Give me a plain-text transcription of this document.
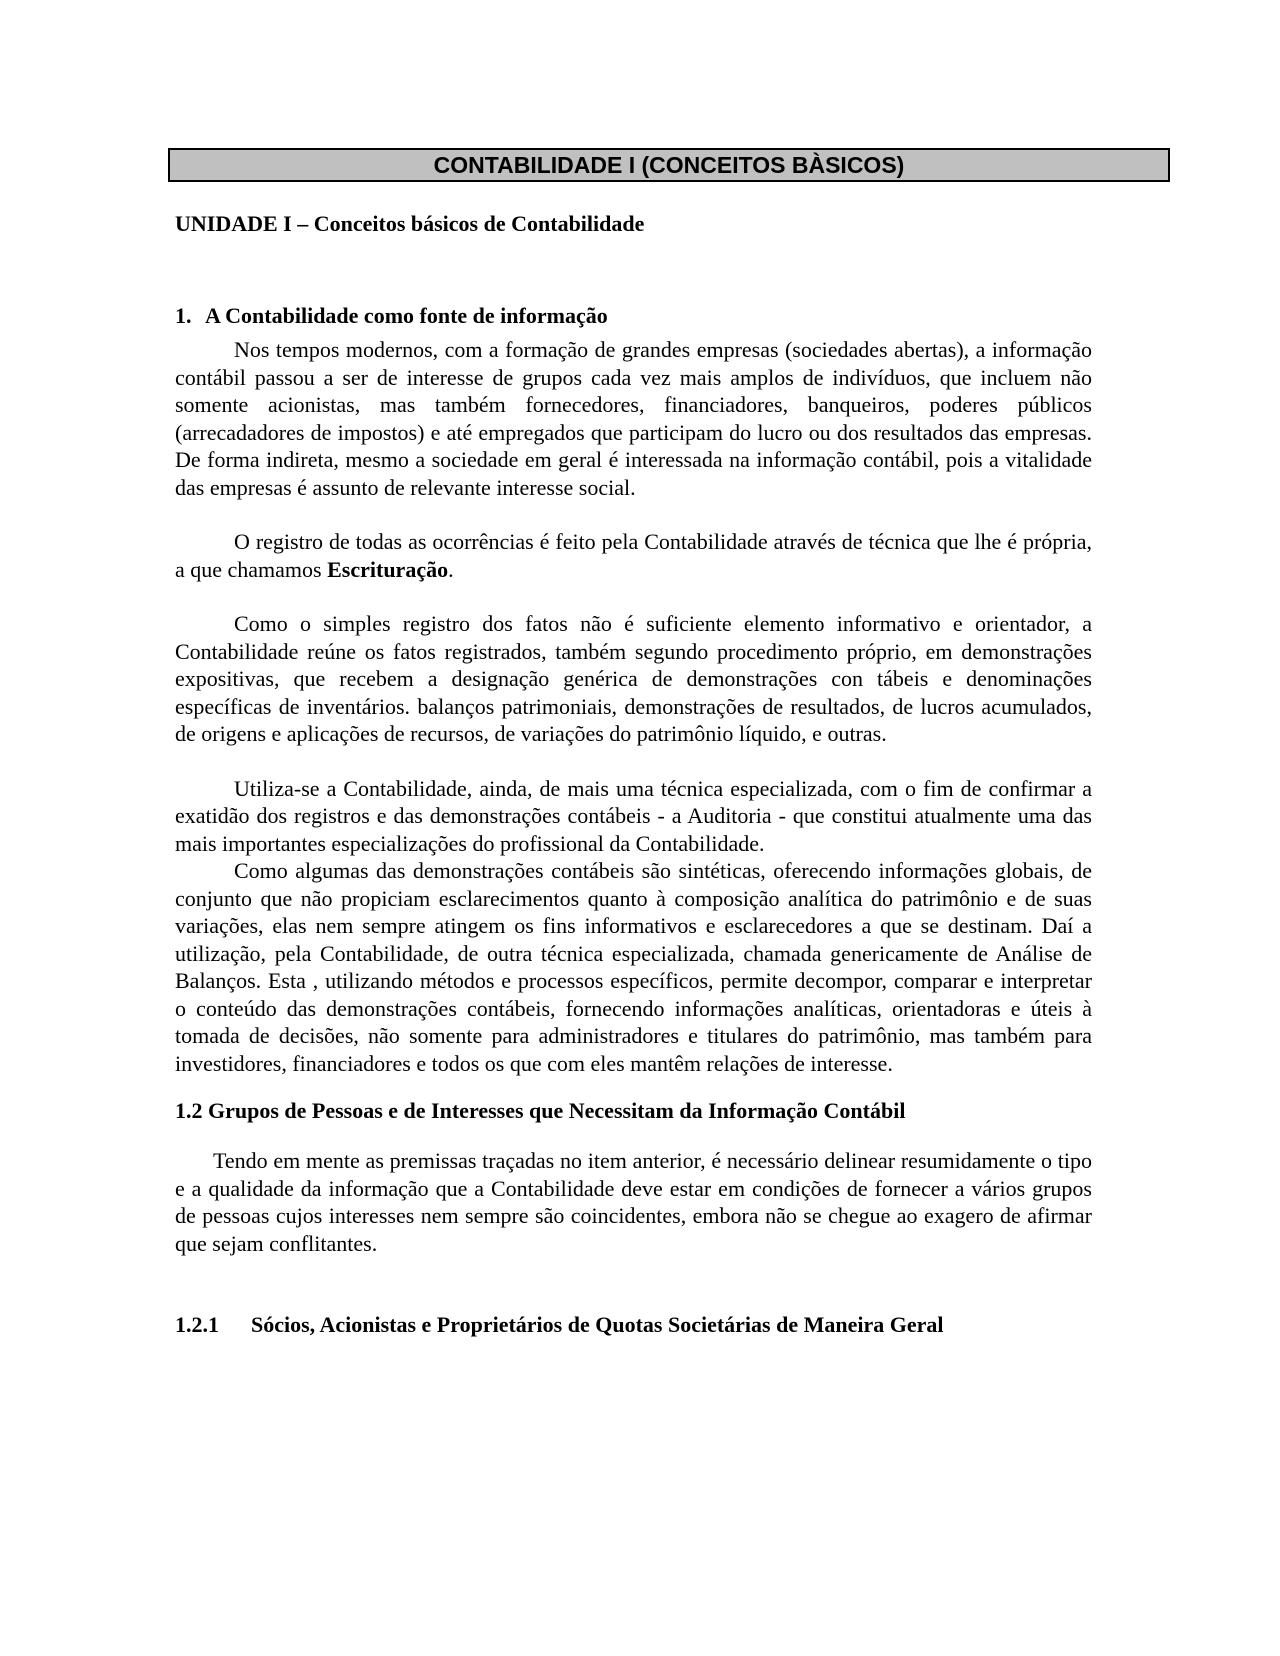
CONTABILIDADE I (CONCEITOS BÀSICOS)
UNIDADE I – Conceitos básicos de Contabilidade
1. A Contabilidade como fonte de informação

Nos tempos modernos, com a formação de grandes empresas (sociedades abertas), a informação contábil passou a ser de interesse de grupos cada vez mais amplos de indivíduos, que incluem não somente acionistas, mas também fornecedores, financiadores, banqueiros, poderes públicos (arrecadadores de impostos) e até empregados que participam do lucro ou dos resultados das empresas. De forma indireta, mesmo a sociedade em geral é interessada na informação contábil, pois a vitalidade das empresas é assunto de relevante interesse social.

O registro de todas as ocorrências é feito pela Contabilidade através de técnica que lhe é própria, a que chamamos Escrituração.

Como o simples registro dos fatos não é suficiente elemento informativo e orientador, a Contabilidade reúne os fatos registrados, também segundo procedimento próprio, em demonstrações expositivas, que recebem a designação genérica de demonstrações con tábeis e denominações específicas de inventários. balanços patrimoniais, demonstrações de resultados, de lucros acumulados, de origens e aplicações de recursos, de variações do patrimônio líquido, e outras.

Utiliza-se a Contabilidade, ainda, de mais uma técnica especializada, com o fim de confirmar a exatidão dos registros e das demonstrações contábeis - a Auditoria - que constitui atualmente uma das mais importantes especializações do profissional da Contabilidade.

Como algumas das demonstrações contábeis são sintéticas, oferecendo informações globais, de conjunto que não propiciam esclarecimentos quanto à composição analítica do patrimônio e de suas variações, elas nem sempre atingem os fins informativos e esclarecedores a que se destinam. Daí a utilização, pela Contabilidade, de outra técnica especializada, chamada genericamente de Análise de Balanços. Esta , utilizando métodos e processos específicos, permite decompor, comparar e interpretar o conteúdo das demonstrações contábeis, fornecendo informações analíticas, orientadoras e úteis à tomada de decisões, não somente para administradores e titulares do patrimônio, mas também para investidores, financiadores e todos os que com eles mantêm relações de interesse.

1.2 Grupos de Pessoas e de Interesses que Necessitam da Informação Contábil

Tendo em mente as premissas traçadas no item anterior, é necessário delinear resumidamente o tipo e a qualidade da informação que a Contabilidade deve estar em condições de fornecer a vários grupos de pessoas cujos interesses nem sempre são coincidentes, embora não se chegue ao exagero de afirmar que sejam conflitantes.

1.2.1 Sócios, Acionistas e Proprietários de Quotas Societárias de Maneira Geral
